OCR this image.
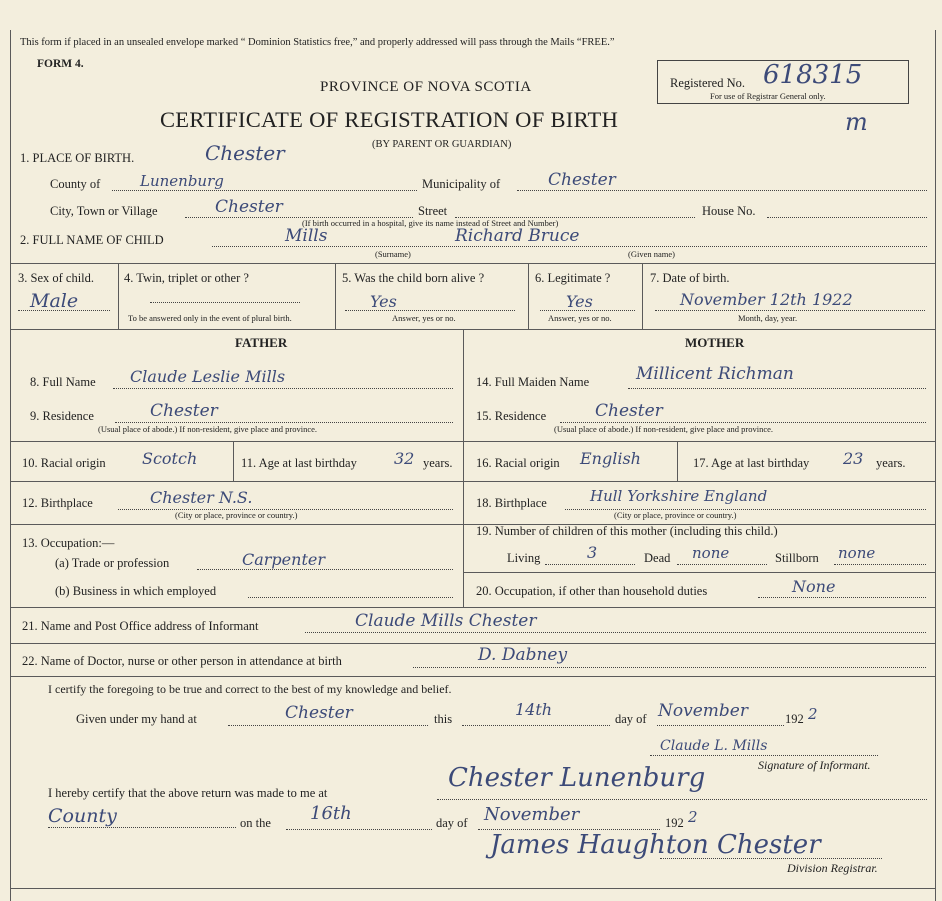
This form if placed in an unsealed envelope marked “ Dominion Statistics free,” and properly addressed will pass through the Mails “FREE.”
FORM 4.
PROVINCE OF NOVA SCOTIA
CERTIFICATE OF REGISTRATION OF BIRTH
(BY PARENT OR GUARDIAN)
Registered No. 618315
For use of Registrar General only.
m
1. PLACE OF BIRTH.	Chester
County of	Lunenburg	Municipality of	Chester
City, Town or Village	Chester	Street	House No.
(If birth occurred in a hospital, give its name instead of Street and Number)
2. FULL NAME OF CHILD	Mills	Richard Bruce
(Surname)	(Given name)
3. Sex of child.
Male
4. Twin, triplet or other ?
To be answered only in the event of plural birth.
5. Was the child born alive ?
Yes
Answer, yes or no.
6. Legitimate ?
Yes
Answer, yes or no.
7. Date of birth.
November 12th 1922
Month, day, year.
FATHER	MOTHER
8. Full Name Claude Leslie Mills
9. Residence	Chester
(Usual place of abode.) If non-resident, give place and province.
10. Racial origin Scotch	11. Age at last birthday 32 years.
12. Birthplace	Chester N.S.
(City or place, province or country.)
13. Occupation:—
(a) Trade or profession	Carpenter
(b) Business in which employed
14. Full Maiden Name	Millicent Richman
15. Residence	Chester
(Usual place of abode.) If non-resident, give place and province.
16. Racial origin English	17. Age at last birthday 23 years.
18. Birthplace	Hull Yorkshire England
(City or place, province or country.)
19. Number of children of this mother (including this child.)
Living	3	Dead none	Stillborn none
20. Occupation, if other than household duties	None
21. Name and Post Office address of Informant	Claude Mills Chester
22. Name of Doctor, nurse or other person in attendance at birth	D. Dabney
I certify the foregoing to be true and correct to the best of my knowledge and belief.
Given under my hand at	Chester	this	14th	day of November	192 2
Claude L. Mills
Signature of Informant.
I hereby certify that the above return was made to me at	Chester Lunenburg
County	on the 16th	day of November	192 2
James Haughton Chester
Division Registrar.
